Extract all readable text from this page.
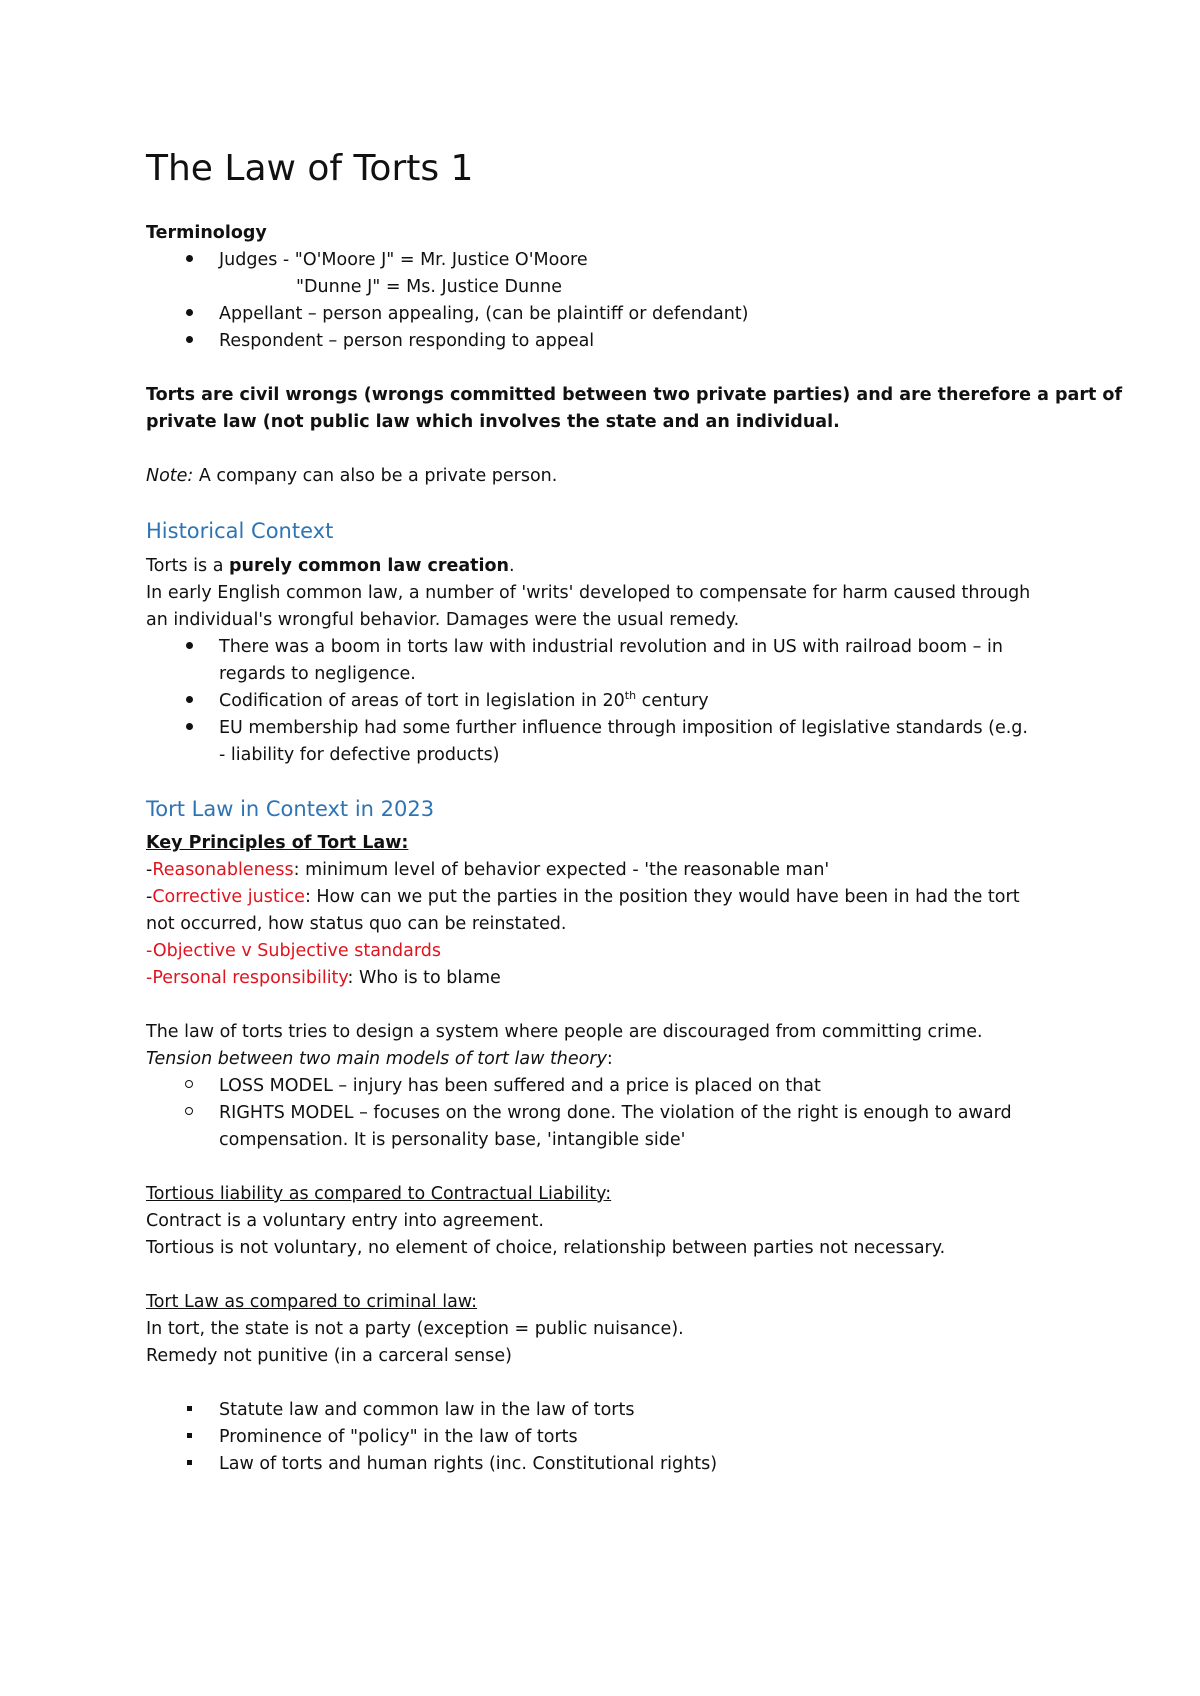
The Law of Torts 1
Terminology
Judges - "O'Moore J" = Mr. Justice O'Moore
"Dunne J" = Ms. Justice Dunne
Appellant – person appealing, (can be plaintiff or defendant)
Respondent – person responding to appeal
Torts are civil wrongs (wrongs committed between two private parties) and are therefore a part of
private law (not public law which involves the state and an individual.
Note: A company can also be a private person.
Historical Context
Torts is a purely common law creation.
In early English common law, a number of 'writs' developed to compensate for harm caused through
an individual's wrongful behavior. Damages were the usual remedy.
There was a boom in torts law with industrial revolution and in US with railroad boom – in
regards to negligence.
Codification of areas of tort in legislation in 20th century
EU membership had some further influence through imposition of legislative standards (e.g.
- liability for defective products)
Tort Law in Context in 2023
Key Principles of Tort Law:
-Reasonableness: minimum level of behavior expected - 'the reasonable man'
-Corrective justice: How can we put the parties in the position they would have been in had the tort
not occurred, how status quo can be reinstated.
-Objective v Subjective standards
-Personal responsibility: Who is to blame
The law of torts tries to design a system where people are discouraged from committing crime.
Tension between two main models of tort law theory:
LOSS MODEL – injury has been suffered and a price is placed on that
RIGHTS MODEL – focuses on the wrong done. The violation of the right is enough to award
compensation. It is personality base, 'intangible side'
Tortious liability as compared to Contractual Liability:
Contract is a voluntary entry into agreement.
Tortious is not voluntary, no element of choice, relationship between parties not necessary.
Tort Law as compared to criminal law:
In tort, the state is not a party (exception = public nuisance).
Remedy not punitive (in a carceral sense)
Statute law and common law in the law of torts
Prominence of "policy" in the law of torts
Law of torts and human rights (inc. Constitutional rights)
